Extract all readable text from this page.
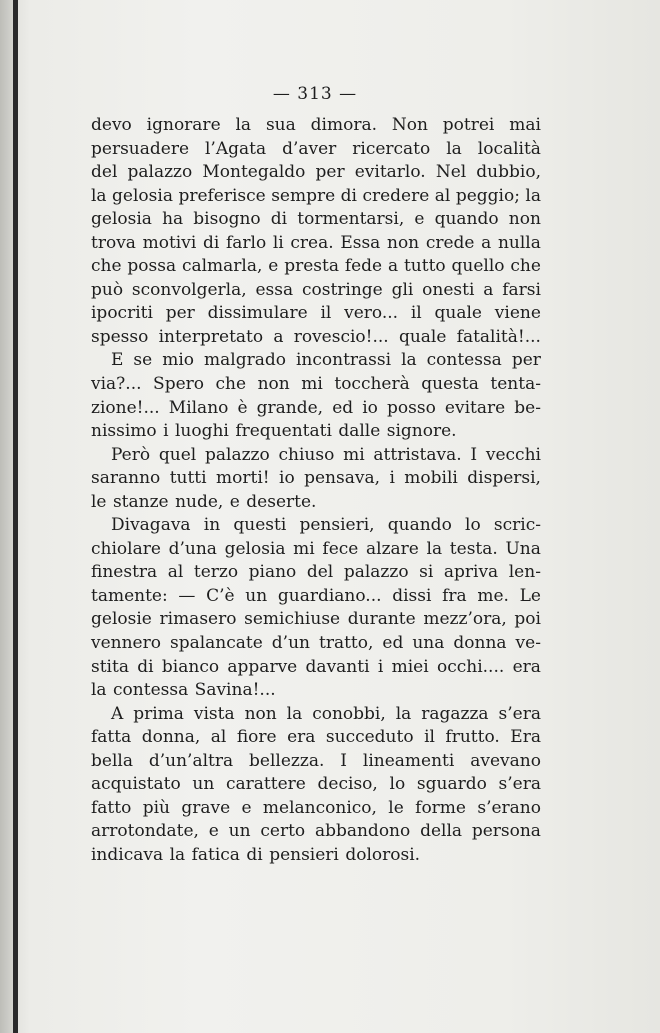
— 313 —
devo ignorare la sua dimora. Non potrei mai
persuadere l’Agata d’aver ricercato la località
del palazzo Montegaldo per evitarlo. Nel dubbio,
la gelosia preferisce sempre di credere al peggio; la
gelosia ha bisogno di tormentarsi, e quando non
trova motivi di farlo li crea. Essa non crede a nulla
che possa calmarla, e presta fede a tutto quello che
può sconvolgerla, essa costringe gli onesti a farsi
ipocriti per dissimulare il vero... il quale viene
spesso interpretato a rovescio!... quale fatalità!...
E se mio malgrado incontrassi la contessa per
via?... Spero che non mi toccherà questa tenta-
zione!... Milano è grande, ed io posso evitare be-
nissimo i luoghi frequentati dalle signore.
Però quel palazzo chiuso mi attristava. I vecchi
saranno tutti morti! io pensava, i mobili dispersi,
le stanze nude, e deserte.
Divagava in questi pensieri, quando lo scric-
chiolare d’una gelosia mi fece alzare la testa. Una
finestra al terzo piano del palazzo si apriva len-
tamente: — C’è un guardiano... dissi fra me. Le
gelosie rimasero semichiuse durante mezz’ora, poi
vennero spalancate d’un tratto, ed una donna ve-
stita di bianco apparve davanti i miei occhi.... era
la contessa Savina!...
A prima vista non la conobbi, la ragazza s’era
fatta donna, al fiore era succeduto il frutto. Era
bella d’un’altra bellezza. I lineamenti avevano
acquistato un carattere deciso, lo sguardo s’era
fatto più grave e melanconico, le forme s’erano
arrotondate, e un certo abbandono della persona
indicava la fatica di pensieri dolorosi.
